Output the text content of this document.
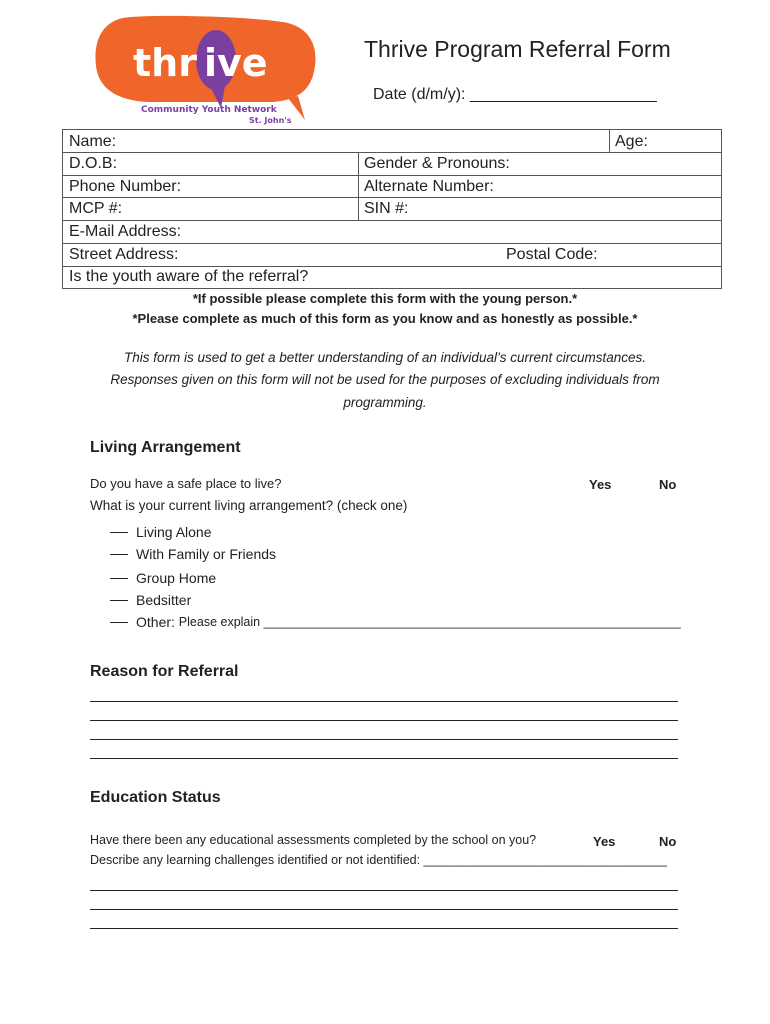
thr ive
Community Youth Network
St. John's
Thrive Program Referral Form
Date (d/m/y): _____________________
Name:	Age:
D.O.B:	Gender & Pronouns:
Phone Number:	Alternate Number:
MCP #:	SIN #:
E-Mail Address:
Street Address:	Postal Code:
Is the youth aware of the referral?
*If possible please complete this form with the young person.*
*Please complete as much of this form as you know and as honestly as possible.*
This form is used to get a better understanding of an individual’s current circumstances.
Responses given on this form will not be used for the purposes of excluding individuals from
programming.
Living Arrangement
Do you have a safe place to live?	Yes	No
What is your current living arrangement? (check one)
Living Alone
With Family or Friends
Group Home
Bedsitter
Other:
Please explain ____________________________________________________________
Reason for Referral
Education Status
Have there been any educational assessments completed by the school on you?	Yes	No
Describe any learning challenges identified or not identified: ___________________________________
